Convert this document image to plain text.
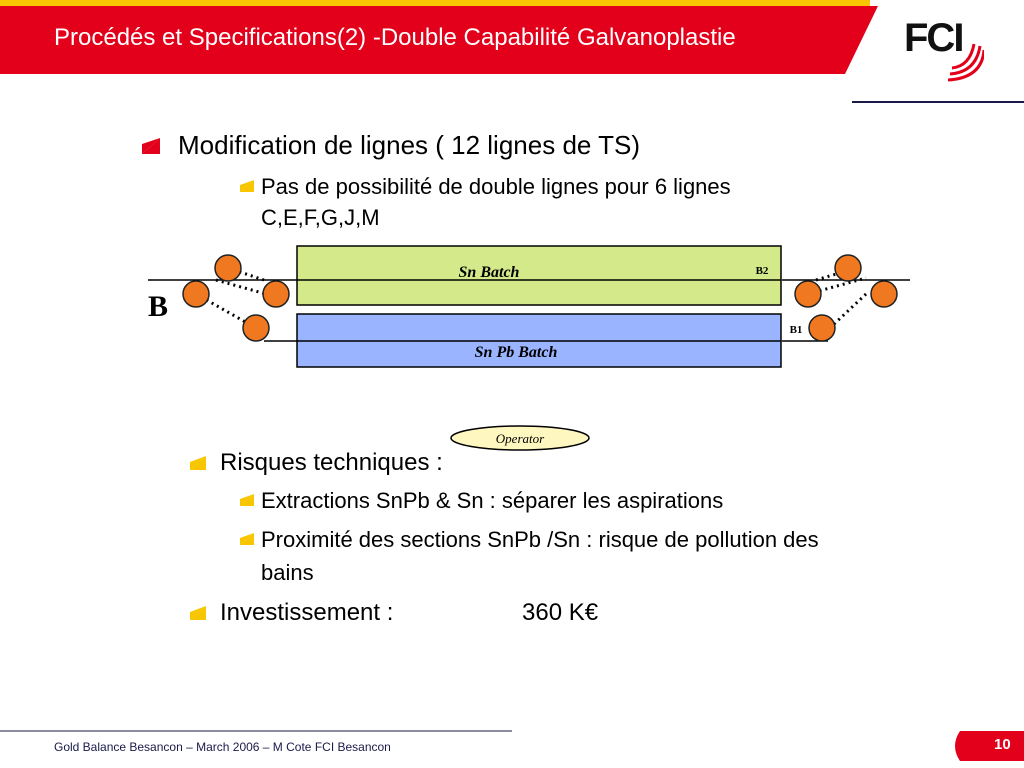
Procédés et Specifications(2) -Double Capabilité Galvanoplastie	FCI
Modification de lignes ( 12 lignes de TS)
Pas de possibilité de double lignes pour 6 lignes
C,E,F,G,J,M
B
Sn Batch	B2
Sn Pb Batch
B1
Operator
Risques techniques :
Extractions SnPb & Sn : séparer les aspirations
Proximité des sections SnPb /Sn : risque de pollution des
bains
Investissement :	360 K€
Gold Balance Besancon – March 2006 – M Cote FCI Besancon	10
